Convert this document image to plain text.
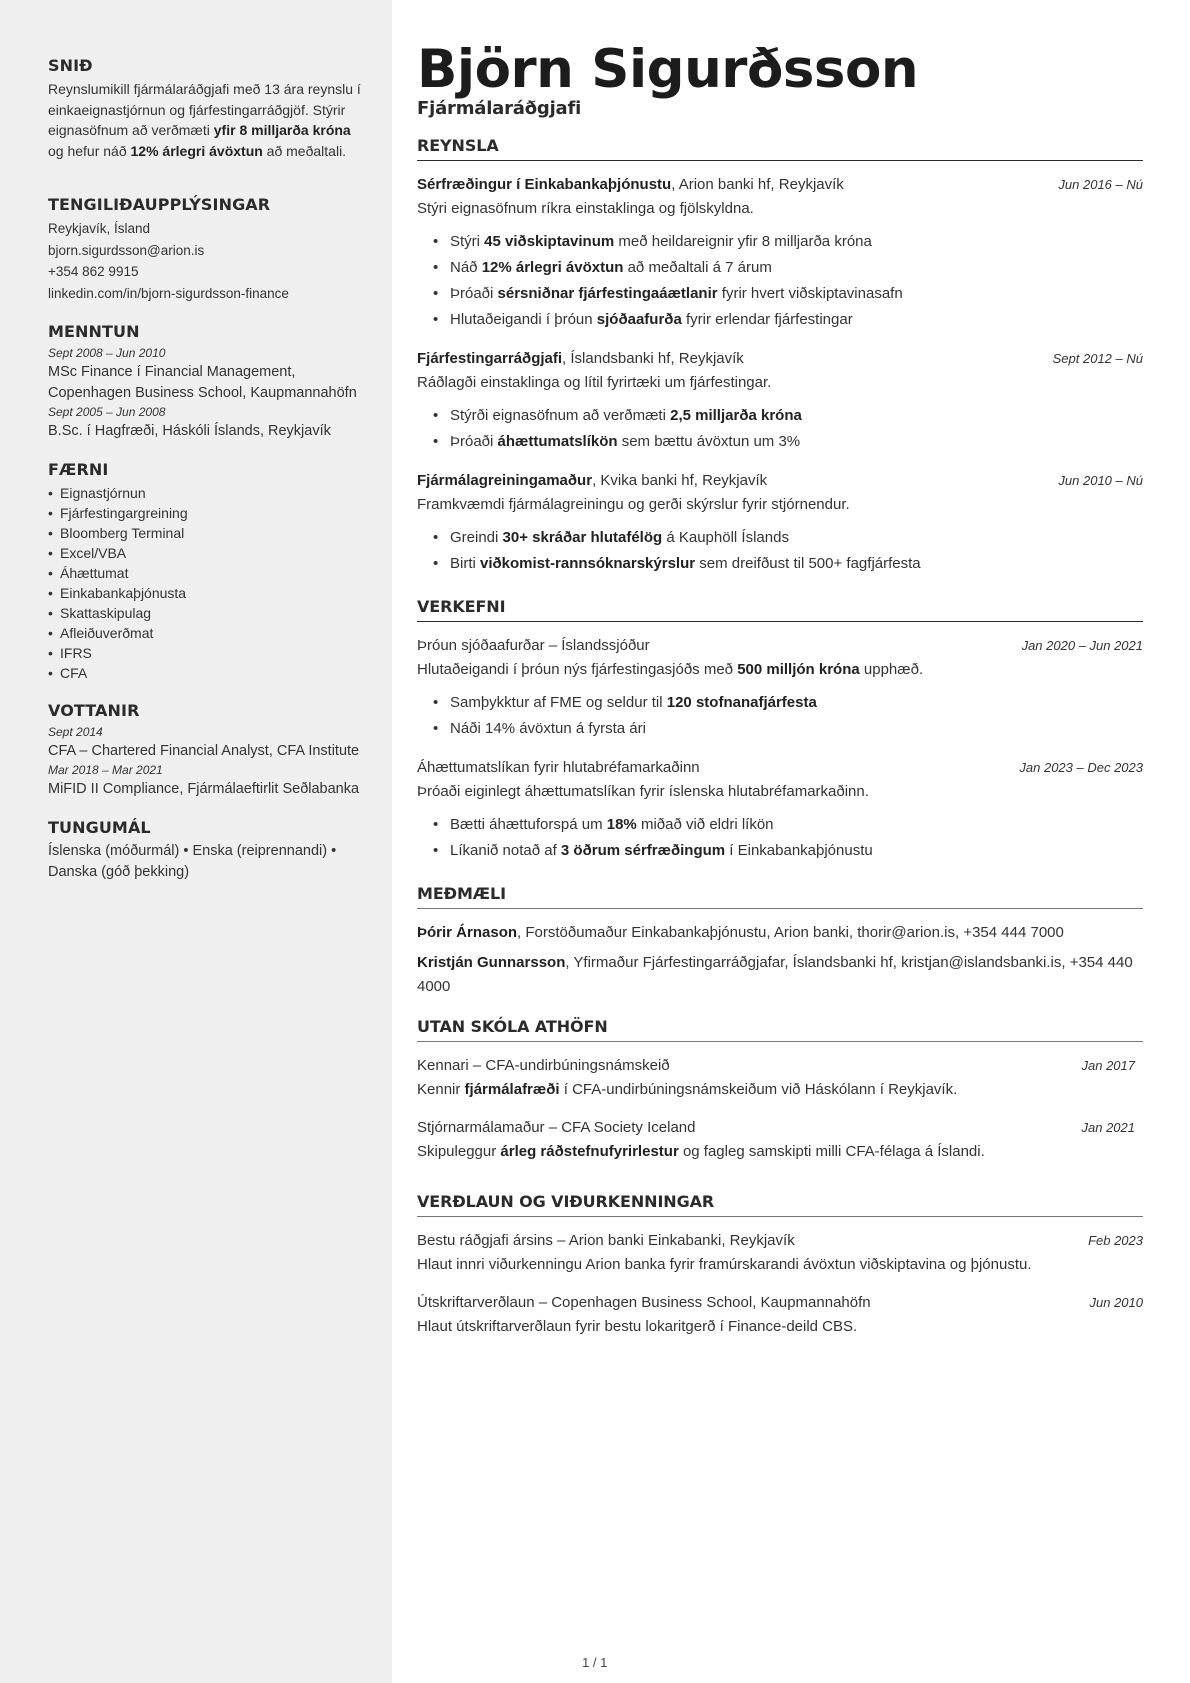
SNIÐ

Reynslumikill fjármálaráðgjafi með 13 ára reynslu í einkaeignastjórnun og fjárfestingarráðgjöf. Stýrir eignasöfnum að verðmæti yfir 8 milljarða króna og hefur náð 12% árlegri ávöxtun að meðaltali.

TENGILIÐAUPPLÝSINGAR
Reykjavík, Ísland
bjorn.sigurdsson@arion.is
+354 862 9915
linkedin.com/in/bjorn-sigurdsson-finance
MENNTUN
Sept 2008 – Jun 2010
MSc Finance í Financial Management, Copenhagen Business School, Kaupmannahöfn
Sept 2005 – Jun 2008
B.Sc. í Hagfræði, Háskóli Íslands, Reykjavík
FÆRNI
• Eignastjórnun
• Fjárfestingargreining
• Bloomberg Terminal
• Excel/VBA
• Áhættumat
• Einkabankaþjónusta
• Skattaskipulag
• Afleiðuverðmat
• IFRS
• CFA
VOTTANIR
Sept 2014
CFA – Chartered Financial Analyst, CFA Institute
Mar 2018 – Mar 2021
MiFID II Compliance, Fjármálaeftirlit Seðlabanka
TUNGUMÁL

Íslenska (móðurmál) • Enska (reiprennandi) • Danska (góð þekking)

Björn Sigurðsson
Fjármálaráðgjafi
REYNSLA
Sérfræðingur í Einkabankaþjónustu, Arion banki hf, Reykjavík	Jun 2016 – Nú
Stýri eignasöfnum ríkra einstaklinga og fjölskyldna.
• Stýri 45 viðskiptavinum með heildareignir yfir 8 milljarða króna
• Náð 12% árlegri ávöxtun að meðaltali á 7 árum
• Þróaði sérsniðnar fjárfestingaáætlanir fyrir hvert viðskiptavinasafn
• Hlutaðeigandi í þróun sjóðaafurða fyrir erlendar fjárfestingar
Fjárfestingarráðgjafi, Íslandsbanki hf, Reykjavík	Sept 2012 – Nú
Ráðlagði einstaklinga og lítil fyrirtæki um fjárfestingar.
• Stýrði eignasöfnum að verðmæti 2,5 milljarða króna
• Þróaði áhættumatslíkön sem bættu ávöxtun um 3%
Fjármálagreiningamaður, Kvika banki hf, Reykjavík	Jun 2010 – Nú
Framkvæmdi fjármálagreiningu og gerði skýrslur fyrir stjórnendur.
• Greindi 30+ skráðar hlutafélög á Kauphöll Íslands
• Birti viðkomist-rannsóknarskýrslur sem dreifðust til 500+ fagfjárfesta
VERKEFNI
Þróun sjóðaafurðar – Íslandssjóður	Jan 2020 – Jun 2021
Hlutaðeigandi í þróun nýs fjárfestingasjóðs með 500 milljón króna upphæð.
• Samþykktur af FME og seldur til 120 stofnanafjárfesta
• Náði 14% ávöxtun á fyrsta ári
Áhættumatslíkan fyrir hlutabréfamarkaðinn	Jan 2023 – Dec 2023
Þróaði eiginlegt áhættumatslíkan fyrir íslenska hlutabréfamarkaðinn.
• Bætti áhættuforspá um 18% miðað við eldri líkön
• Líkanið notað af 3 öðrum sérfræðingum í Einkabankaþjónustu
MEÐMÆLI
Þórir Árnason, Forstöðumaður Einkabankaþjónustu, Arion banki, thorir@arion.is, +354 444 7000
Kristján Gunnarsson, Yfirmaður Fjárfestingarráðgjafar, Íslandsbanki hf, kristjan@islandsbanki.is, +354 440 4000
UTAN SKÓLA ATHÖFN
Kennari – CFA-undirbúningsnámskeið	Jan 2017
Kennir fjármálafræði í CFA-undirbúningsnámskeiðum við Háskólann í Reykjavík.
Stjórnarmálamaður – CFA Society Iceland	Jan 2021
Skipuleggur árleg ráðstefnufyrirlestur og fagleg samskipti milli CFA-félaga á Íslandi.
VERÐLAUN OG VIÐURKENNINGAR
Bestu ráðgjafi ársins – Arion banki Einkabanki, Reykjavík	Feb 2023
Hlaut innri viðurkenningu Arion banka fyrir framúrskarandi ávöxtun viðskiptavina og þjónustu.
Útskriftarverðlaun – Copenhagen Business School, Kaupmannahöfn	Jun 2010
Hlaut útskriftarverðlaun fyrir bestu lokaritgerð í Finance-deild CBS.
1 / 1
